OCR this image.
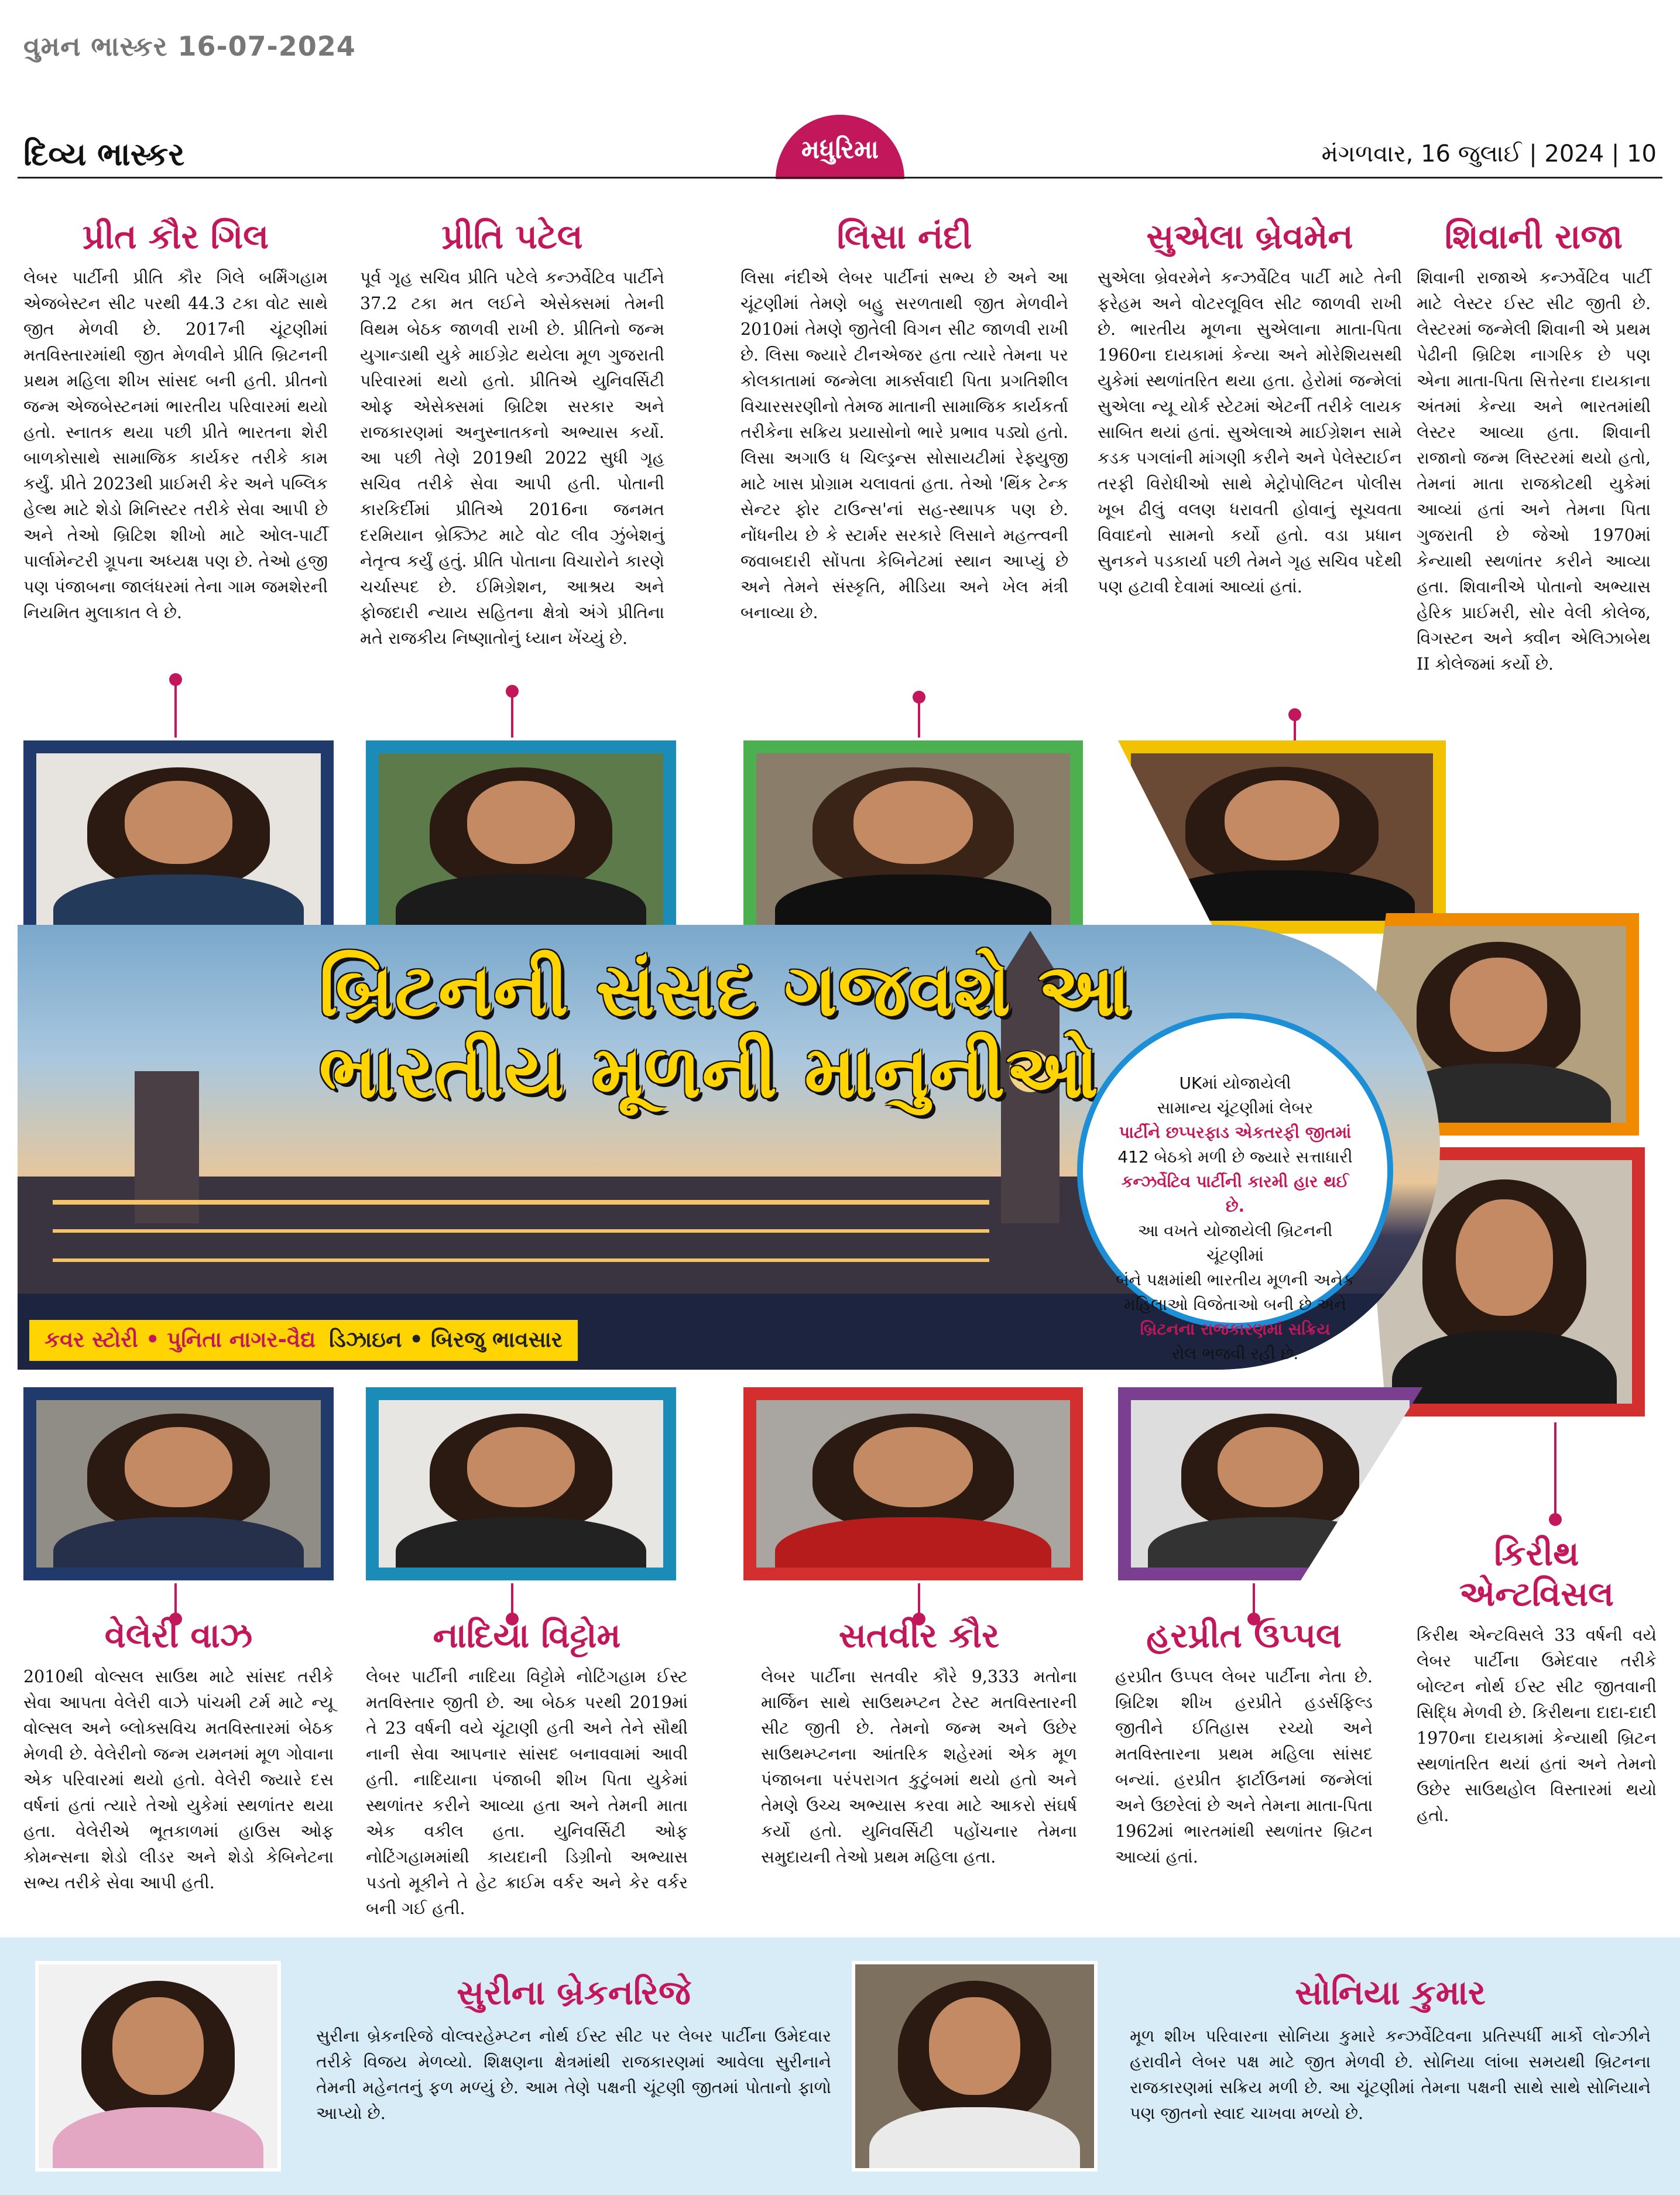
વુમન ભાસ્કર 16-07-2024
દિવ્ય ભાસ્કર	મધુરિમા	મંગળવાર, 16 જુલાઈ | 2024 | 10
પ્રીત કૌર ગિલ
લેબર પાર્ટીની પ્રીતિ કૌર ગિલે બર્મિંગહામ એજબેસ્ટન સીટ પરથી 44.3 ટકા વોટ સાથે જીત મેળવી છે. 2017ની ચૂંટણીમાં મતવિસ્તારમાંથી જીત મેળવીને પ્રીતિ બ્રિટનની પ્રથમ મહિલા શીખ સાંસદ બની હતી. પ્રીતનો જન્મ એજબેસ્ટનમાં ભારતીય પરિવારમાં થયો હતો. સ્નાતક થયા પછી પ્રીતે ભારતના શેરી બાળકોસાથે સામાજિક કાર્યકર તરીકે કામ કર્યું. પ્રીતે 2023થી પ્રાઈમરી કેર અને પબ્લિક હેલ્થ માટે શેડો મિનિસ્ટર તરીકે સેવા આપી છે અને તેઓ બ્રિટિશ શીખો માટે ઓલ-પાર્ટી પાર્લામેન્ટરી ગ્રૂપના અધ્યક્ષ પણ છે. તેઓ હજી પણ પંજાબના જાલંધરમાં તેના ગામ જમશેરની નિયમિત મુલાકાત લે છે.
પ્રીતિ પટેલ
પૂર્વ ગૃહ સચિવ પ્રીતિ પટેલે કન્ઝર્વેટિવ પાર્ટીને 37.2 ટકા મત લઈને એસેક્સમાં તેમની વિથમ બેઠક જાળવી રાખી છે. પ્રીતિનો જન્મ યુગાન્ડાથી યુકે માઈગ્રેટ થયેલા મૂળ ગુજરાતી પરિવારમાં થયો હતો. પ્રીતિએ યુનિવર્સિટી ઓફ એસેક્સમાં બ્રિટિશ સરકાર અને રાજકારણમાં અનુસ્નાતકનો અભ્યાસ કર્યો. આ પછી તેણે 2019થી 2022 સુધી ગૃહ સચિવ તરીકે સેવા આપી હતી. પોતાની કારકિર્દીમાં પ્રીતિએ 2016ના જનમત દરમિયાન બ્રેક્ઝિટ માટે વોટ લીવ ઝુંબેશનું નેતૃત્વ કર્યું હતું. પ્રીતિ પોતાના વિચારોને કારણે ચર્ચાસ્પદ છે. ઈમિગ્રેશન, આશ્રય અને ફોજદારી ન્યાય સહિતના ક્ષેત્રો અંગે પ્રીતિના મતે રાજકીય નિષ્ણાતોનું ધ્યાન ખેંચ્યું છે.
લિસા નંદી
લિસા નંદીએ લેબર પાર્ટીનાં સભ્ય છે અને આ ચૂંટણીમાં તેમણે બહુ સરળતાથી જીત મેળવીને 2010માં તેમણે જીતેલી વિગન સીટ જાળવી રાખી છે. લિસા જ્યારે ટીનએજર હતા ત્યારે તેમના પર કોલકાતામાં જન્મેલા માર્ક્સવાદી પિતા પ્રગતિશીલ વિચારસરણીનો તેમજ માતાની સામાજિક કાર્યકર્તા તરીકેના સક્રિય પ્રયાસોનો ભારે પ્રભાવ પડ્યો હતો. લિસા અગાઉ ધ ચિલ્ડ્રન્સ સોસાયટીમાં રેફ્યુજી માટે ખાસ પ્રોગ્રામ ચલાવતાં હતા. તેઓ 'થિંક ટેન્ક સેન્ટર ફોર ટાઉન્સ'નાં સહ-સ્થાપક પણ છે. નોંધનીય છે કે સ્ટાર્મર સરકારે લિસાને મહત્ત્વની જવાબદારી સોંપતા કેબિનેટમાં સ્થાન આપ્યું છે અને તેમને સંસ્કૃતિ, મીડિયા અને ખેલ મંત્રી બનાવ્યા છે.
સુએલા બ્રેવમેન
સુએલા બ્રેવરમેને કન્ઝર્વેટિવ પાર્ટી માટે તેની ફરેહમ અને વોટરલૂવિલ સીટ જાળવી રાખી છે. ભારતીય મૂળના સુએલાના માતા-પિતા 1960ના દાયકામાં કેન્યા અને મોરેશિયસથી યુકેમાં સ્થળાંતરિત થયા હતા. હેરોમાં જન્મેલાં સુએલા ન્યૂ યોર્ક સ્ટેટમાં એટર્ની તરીકે લાયક સાબિત થયાં હતાં. સુએલાએ માઈગ્રેશન સામે કડક પગલાંની માંગણી કરીને અને પેલેસ્ટાઈન તરફી વિરોધીઓ સાથે મેટ્રોપોલિટન પોલીસ ખૂબ ઢીલું વલણ ધરાવતી હોવાનું સૂચવતા વિવાદનો સામનો કર્યો હતો. વડા પ્રધાન સુનકને પડકાર્યા પછી તેમને ગૃહ સચિવ પદેથી પણ હટાવી દેવામાં આવ્યાં હતાં.
શિવાની રાજા
શિવાની રાજાએ કન્ઝર્વેટિવ પાર્ટી માટે લેસ્ટર ઈસ્ટ સીટ જીતી છે. લેસ્ટરમાં જન્મેલી શિવાની એ પ્રથમ પેઢીની બ્રિટિશ નાગરિક છે પણ એના માતા-પિતા સિત્તેરના દાયકાના અંતમાં કેન્યા અને ભારતમાંથી લેસ્ટર આવ્યા હતા. શિવાની રાજાનો જન્મ લિસ્ટરમાં થયો હતો, તેમનાં માતા રાજકોટથી યુકેમાં આવ્યાં હતાં અને તેમના પિતા ગુજરાતી છે જેઓ 1970માં કેન્યાથી સ્થળાંતર કરીને આવ્યા હતા. શિવાનીએ પોતાનો અભ્યાસ હેરિક પ્રાઈમરી, સોર વેલી કોલેજ, વિગસ્ટન અને ક્વીન એલિઝાબેથ II કોલેજમાં કર્યો છે.
બ્રિટનની સંસદ ગજવશે આ
ભારતીય મૂળની માનુનીઓ
કવર સ્ટોરી • પુનિતા નાગર-વૈદ્ય ડિઝાઇન • બિરજુ ભાવસાર

UKમાં યોજાયેલી

સામાન્ય ચૂંટણીમાં લેબર

પાર્ટીને છપ્પરફાડ એકતરફી જીતમાં

412 બેઠકો મળી છે જ્યારે સત્તાધારી

કન્ઝર્વેટિવ પાર્ટીની કારમી હાર થઈ છે.

આ વખતે યોજાયેલી બ્રિટનની ચૂંટણીમાં

બંને પક્ષમાંથી ભારતીય મૂળની અનેક

મહિલાઓ વિજેતાઓ બની છે અને

બ્રિટનના રાજકારણમાં સક્રિય

રોલ ભજવી રહી છે.

વેલેરી વાઝ
2010થી વોલ્સલ સાઉથ માટે સાંસદ તરીકે સેવા આપતા વેલેરી વાઝે પાંચમી ટર્મ માટે ન્યૂ વોલ્સલ અને બ્લોક્સવિચ મતવિસ્તારમાં બેઠક મેળવી છે. વેલેરીનો જન્મ યમનમાં મૂળ ગોવાના એક પરિવારમાં થયો હતો. વેલેરી જ્યારે દસ વર્ષનાં હતાં ત્યારે તેઓ યુકેમાં સ્થળાંતર થયા હતા. વેલેરીએ ભૂતકાળમાં હાઉસ ઓફ કોમન્સના શેડો લીડર અને શેડો કેબિનેટના સભ્ય તરીકે સેવા આપી હતી.
નાદિયા વિટ્ટોમ
લેબર પાર્ટીની નાદિયા વિટ્ટોમે નોટિંગહામ ઈસ્ટ મતવિસ્તાર જીતી છે. આ બેઠક પરથી 2019માં તે 23 વર્ષની વયે ચૂંટાણી હતી અને તેને સૌથી નાની સેવા આપનાર સાંસદ બનાવવામાં આવી હતી. નાદિયાના પંજાબી શીખ પિતા યુકેમાં સ્થળાંતર કરીને આવ્યા હતા અને તેમની માતા એક વકીલ હતા. યુનિવર્સિટી ઓફ નોટિંગહામમાંથી કાયદાની ડિગ્રીનો અભ્યાસ પડતો મૂકીને તે હેટ ક્રાઈમ વર્કર અને કેર વર્કર બની ગઈ હતી.
સતવીર કૌર
લેબર પાર્ટીના સતવીર કૌરે 9,333 મતોના માર્જિન સાથે સાઉથમ્પ્ટન ટેસ્ટ મતવિસ્તારની સીટ જીતી છે. તેમનો જન્મ અને ઉછેર સાઉથમ્પ્ટનના આંતરિક શહેરમાં એક મૂળ પંજાબના પરંપરાગત કુટુંબમાં થયો હતો અને તેમણે ઉચ્ચ અભ્યાસ કરવા માટે આકરો સંઘર્ષ કર્યો હતો. યુનિવર્સિટી પહોંચનાર તેમના સમુદાયની તેઓ પ્રથમ મહિલા હતા.
હરપ્રીત ઉપ્પલ
હરપ્રીત ઉપ્પલ લેબર પાર્ટીના નેતા છે. બ્રિટિશ શીખ હરપ્રીતે હડર્સફિલ્ડ જીતીને ઈતિહાસ રચ્યો અને મતવિસ્તારના પ્રથમ મહિલા સાંસદ બન્યાં. હરપ્રીત ફાર્ટાઉનમાં જન્મેલાં અને ઉછરેલાં છે અને તેમના માતા-પિતા 1962માં ભારતમાંથી સ્થળાંતર બ્રિટન આવ્યાં હતાં.
કિરીથ
એન્ટવિસલ
કિરીથ એન્ટવિસલે 33 વર્ષની વયે લેબર પાર્ટીના ઉમેદવાર તરીકે બોલ્ટન નોર્થ ઈસ્ટ સીટ જીતવાની સિદ્ધિ મેળવી છે. કિરીથના દાદા-દાદી 1970ના દાયકામાં કેન્યાથી બ્રિટન સ્થળાંતરિત થયાં હતાં અને તેમનો ઉછેર સાઉથહોલ વિસ્તારમાં થયો હતો.
સુરીના બ્રેકનરિજે
સુરીના બ્રેકનરિજે વોલ્વરહેમ્પ્ટન નોર્થ ઈસ્ટ સીટ પર લેબર પાર્ટીના ઉમેદવાર તરીકે વિજય મેળવ્યો. શિક્ષણના ક્ષેત્રમાંથી રાજકારણમાં આવેલા સુરીનાને તેમની મહેનતનું ફળ મળ્યું છે. આમ તેણે પક્ષની ચૂંટણી જીતમાં પોતાનો ફાળો આપ્યો છે.
સોનિયા કુમાર
મૂળ શીખ પરિવારના સોનિયા કુમારે કન્ઝર્વેટિવના પ્રતિસ્પર્ધી માર્કો લોન્ઝીને હરાવીને લેબર પક્ષ માટે જીત મેળવી છે. સોનિયા લાંબા સમયથી બ્રિટનના રાજકારણમાં સક્રિય મળી છે. આ ચૂંટણીમાં તેમના પક્ષની સાથે સાથે સોનિયાને પણ જીતનો સ્વાદ ચાખવા મળ્યો છે.
